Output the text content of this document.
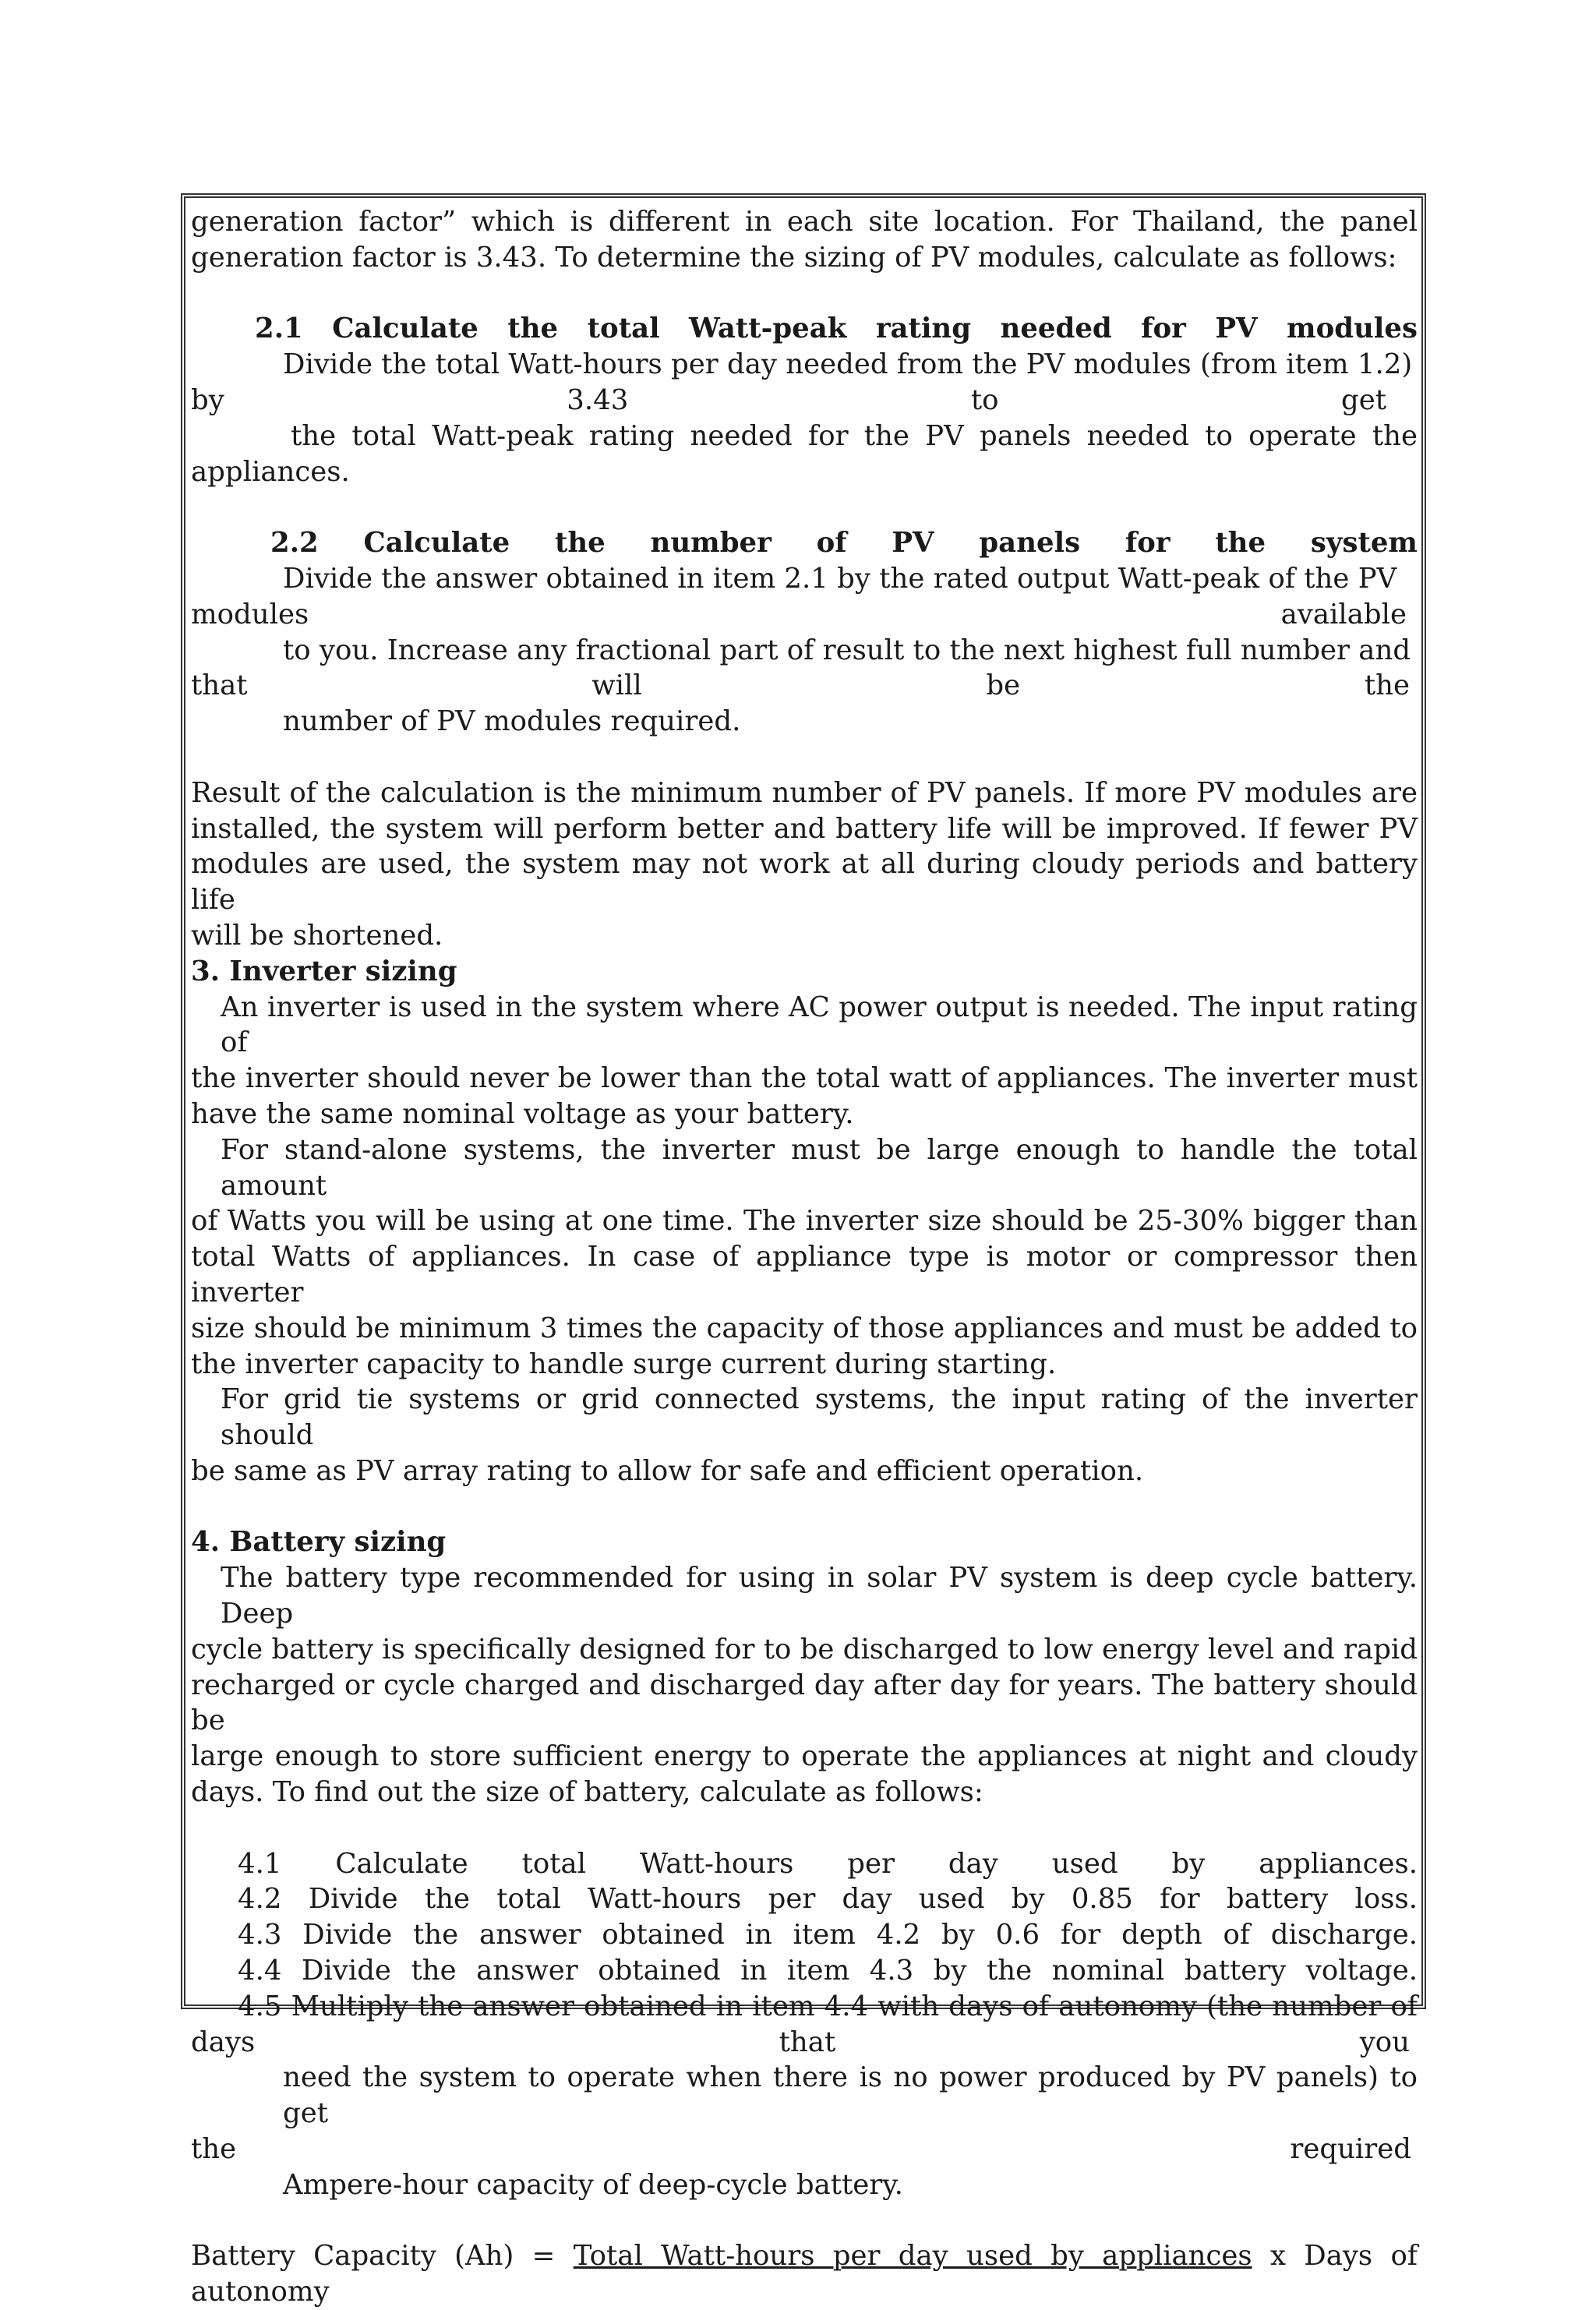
generation factor” which is different in each site location. For Thailand, the panel

generation factor is 3.43. To determine the sizing of PV modules, calculate as follows:

2.1 Calculate the total Watt-peak rating needed for PV modules

Divide the total Watt-hours per day needed from the PV modules (from item 1.2)

by 3.43 to get

the total Watt-peak rating needed for the PV panels needed to operate the

appliances.

2.2 Calculate the number of PV panels for the system

Divide the answer obtained in item 2.1 by the rated output Watt-peak of the PV

modules available

to you. Increase any fractional part of result to the next highest full number and

that will be the

number of PV modules required.

Result of the calculation is the minimum number of PV panels. If more PV modules are

installed, the system will perform better and battery life will be improved. If fewer PV

modules are used, the system may not work at all during cloudy periods and battery life

will be shortened.

3. Inverter sizing

An inverter is used in the system where AC power output is needed. The input rating of

the inverter should never be lower than the total watt of appliances. The inverter must

have the same nominal voltage as your battery.

For stand-alone systems, the inverter must be large enough to handle the total amount

of Watts you will be using at one time. The inverter size should be 25-30% bigger than

total Watts of appliances. In case of appliance type is motor or compressor then inverter

size should be minimum 3 times the capacity of those appliances and must be added to

the inverter capacity to handle surge current during starting.

For grid tie systems or grid connected systems, the input rating of the inverter should

be same as PV array rating to allow for safe and efficient operation.

4. Battery sizing

The battery type recommended for using in solar PV system is deep cycle battery. Deep

cycle battery is specifically designed for to be discharged to low energy level and rapid

recharged or cycle charged and discharged day after day for years. The battery should be

large enough to store sufficient energy to operate the appliances at night and cloudy

days. To find out the size of battery, calculate as follows:

4.1 Calculate total Watt-hours per day used by appliances.

4.2 Divide the total Watt-hours per day used by 0.85 for battery loss.

4.3 Divide the answer obtained in item 4.2 by 0.6 for depth of discharge.

4.4 Divide the answer obtained in item 4.3 by the nominal battery voltage.

4.5 Multiply the answer obtained in item 4.4 with days of autonomy (the number of

days that you

need the system to operate when there is no power produced by PV panels) to get

the required

Ampere-hour capacity of deep-cycle battery.

Battery Capacity (Ah) = Total Watt-hours per day used by appliances x Days of

autonomy
